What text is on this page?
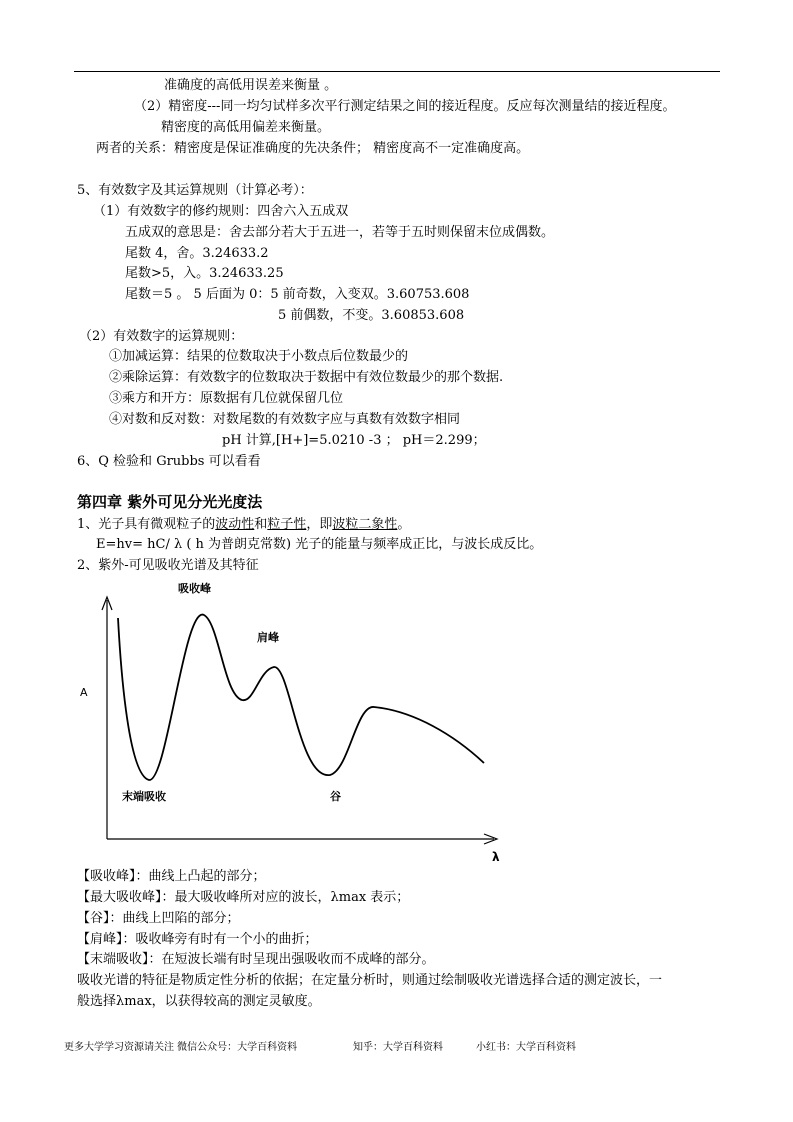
准确度的高低用误差来衡量 。
（2）精密度---同一均匀试样多次平行测定结果之间的接近程度。反应每次测量结的接近程度。
精密度的高低用偏差来衡量。
两者的关系：精密度是保证准确度的先决条件； 精密度高不一定准确度高。
5、有效数字及其运算规则（计算必考）：
（1）有效数字的修约规则：四舍六入五成双
五成双的意思是：舍去部分若大于五进一，若等于五时则保留末位成偶数。
尾数 4，舍。3.24633.2
尾数>5，入。3.24633.25
尾数＝5 。 5 后面为 0：5 前奇数，入变双。3.60753.608
5 前偶数，不变。3.60853.608
（2）有效数字的运算规则：
①加减运算：结果的位数取决于小数点后位数最少的
②乘除运算：有效数字的位数取决于数据中有效位数最少的那个数据.
③乘方和开方：原数据有几位就保留几位
④对数和反对数：对数尾数的有效数字应与真数有效数字相同
pH 计算,[H+]=5.0210 -3 ； pH＝2.299；
6、Q 检验和 Grubbs 可以看看
第四章 紫外可见分光光度法
1、光子具有微观粒子的波动性和粒子性，即波粒二象性。
E=hv= hC/ λ ( h 为普朗克常数) 光子的能量与频率成正比，与波长成反比。
2、紫外-可见吸收光谱及其特征
A
λ
吸收峰
肩峰
末端吸收	谷
【吸收峰】：曲线上凸起的部分；
【最大吸收峰】：最大吸收峰所对应的波长，λmax 表示；
【谷】：曲线上凹陷的部分；
【肩峰】：吸收峰旁有时有一个小的曲折；
【末端吸收】：在短波长端有时呈现出强吸收而不成峰的部分。
吸收光谱的特征是物质定性分析的依据；在定量分析时，则通过绘制吸收光谱选择合适的测定波长，一
般选择λmax，以获得较高的测定灵敏度。
更多大学学习资源请关注 微信公众号：大学百科资料	知乎：大学百科资料	小红书：大学百科资料
